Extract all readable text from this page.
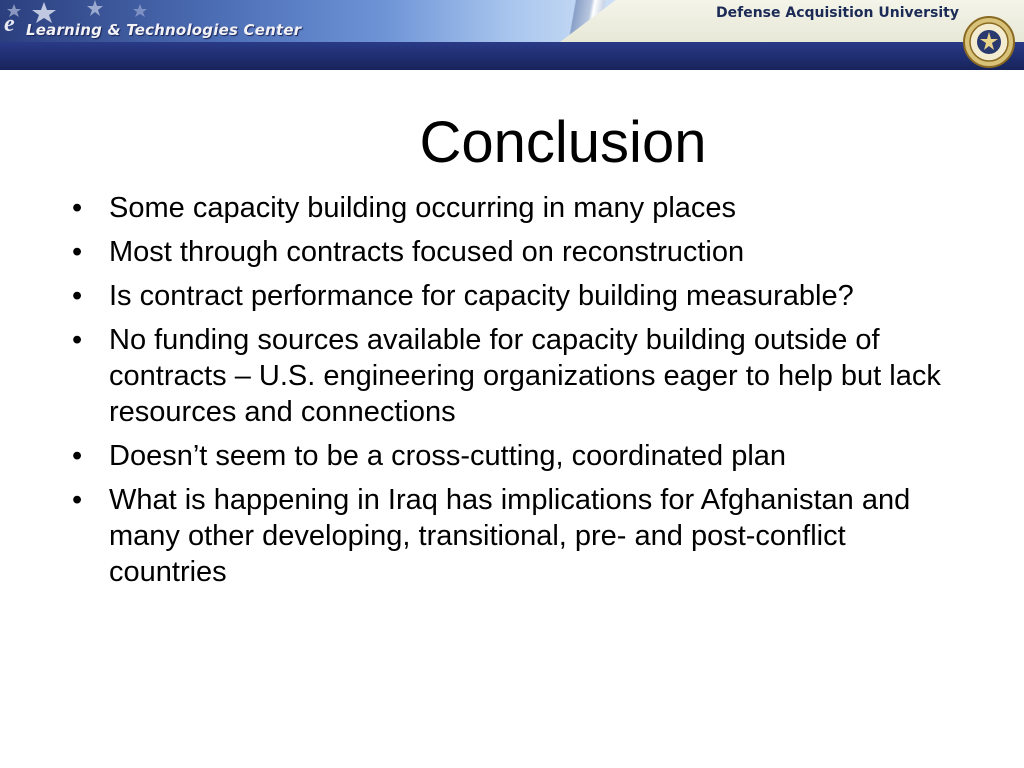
e Learning & Technologies Center
Defense Acquisition University
Conclusion
• Some capacity building occurring in many places
• Most through contracts focused on reconstruction
• Is contract performance for capacity building measurable?
• No funding sources available for capacity building outside of contracts – U.S. engineering organizations eager to help but lack resources and connections
• Doesn’t seem to be a cross-cutting, coordinated plan
• What is happening in Iraq has implications for Afghanistan and many other developing, transitional, pre- and post-conflict countries
